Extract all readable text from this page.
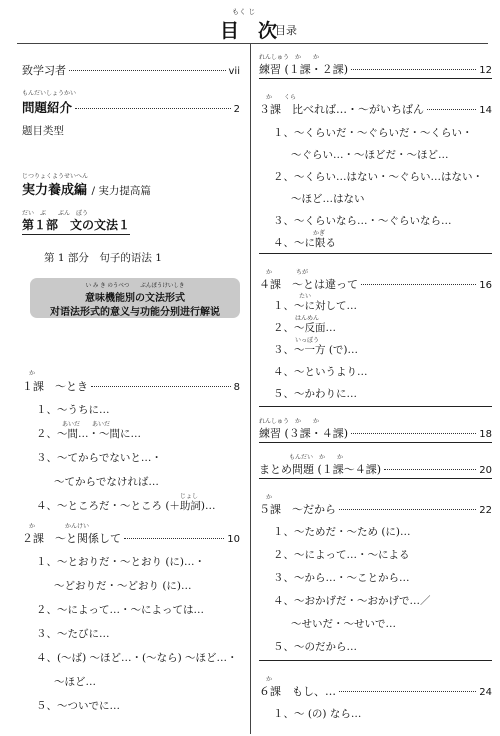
もく じ
目　次
目录
致学习者	vii
もんだいしょうかい
問題紹介	2
题目类型
じつりょくようせいへん
実力養成編 / 実力提高篇
だい　ぶ　　ぶん　ぽう
第１部　文の文法１
第 1 部分　句子的语法 1
い み き のうべつ　　ぶんぽうけいしき
意味機能別の文法形式
对语法形式的意义与功能分别进行解说
か
１課　〜とき	8
１、〜うちに…
あいだ　　あいだ
２、〜間…・〜間に…
３、〜てからでないと…・
〜てからでなければ…
じょし
４、〜ところだ・〜ところ (＋助詞)…
か　　　　　かんけい
２課　〜と関係して	10
１、〜とおりだ・〜とおり (に)…・
〜どおりだ・〜どおり (に)…
２、〜によって…・〜によっては…
３、〜たびに…
４、(〜ば) 〜ほど…・(〜なら) 〜ほど…・
〜ほど…
５、〜ついでに…
れんしゅう　か　　か
練習 (１課・２課)	12
か　　くら
３課　比べれば…・〜がいちばん	14
１、〜くらいだ・〜ぐらいだ・〜くらい・
〜ぐらい…・〜ほどだ・〜ほど…
２、〜くらい…はない・〜ぐらい…はない・
〜ほど…はない
３、〜くらいなら…・〜ぐらいなら…
かぎ
４、〜に限る
か　　　　ちが
４課　〜とは違って	16
たい
１、〜に対して…
はんめん
２、〜反面…
いっぽう
３、〜一方 (で)…
４、〜というより…
５、〜かわりに…
れんしゅう　か　　か
練習 (３課・４課)	18
もんだい　か　　か
まとめ問題 (１課〜４課)	20
か
５課　〜だから	22
１、〜ためだ・〜ため (に)…
２、〜によって…・〜による
３、〜から…・〜ことから…
４、〜おかげだ・〜おかげで…／
〜せいだ・〜せいで…
５、〜のだから…
か
６課　もし、…	24
１、〜 (の) なら…
